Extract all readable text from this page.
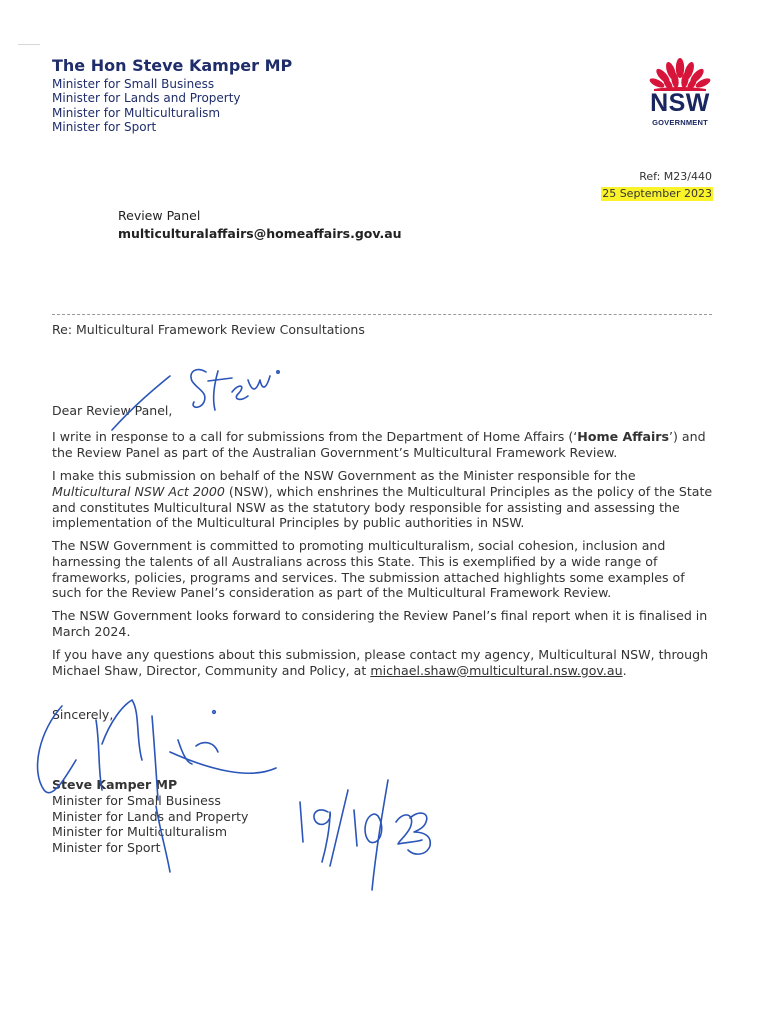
The Hon Steve Kamper MP
Minister for Small Business
Minister for Lands and Property
Minister for Multiculturalism
Minister for Sport
NSW
GOVERNMENT
Ref: M23/440
25 September 2023
Review Panel
multiculturalaffairs@homeaffairs.gov.au
Re: Multicultural Framework Review Consultations
Dear Review Panel,

I write in response to a call for submissions from the Department of Home Affairs (‘Home Affairs’) and the Review Panel as part of the Australian Government’s Multicultural Framework Review.

I make this submission on behalf of the NSW Government as the Minister responsible for the Multicultural NSW Act 2000 (NSW), which enshrines the Multicultural Principles as the policy of the State and constitutes Multicultural NSW as the statutory body responsible for assisting and assessing the implementation of the Multicultural Principles by public authorities in NSW.

The NSW Government is committed to promoting multiculturalism, social cohesion, inclusion and harnessing the talents of all Australians across this State. This is exemplified by a wide range of frameworks, policies, programs and services. The submission attached highlights some examples of such for the Review Panel’s consideration as part of the Multicultural Framework Review.

The NSW Government looks forward to considering the Review Panel’s final report when it is finalised in March 2024.

If you have any questions about this submission, please contact my agency, Multicultural NSW, through Michael Shaw, Director, Community and Policy, at michael.shaw@multicultural.nsw.gov.au.

Sincerely,

Steve Kamper MP

Minister for Small Business
Minister for Lands and Property
Minister for Multiculturalism
Minister for Sport
